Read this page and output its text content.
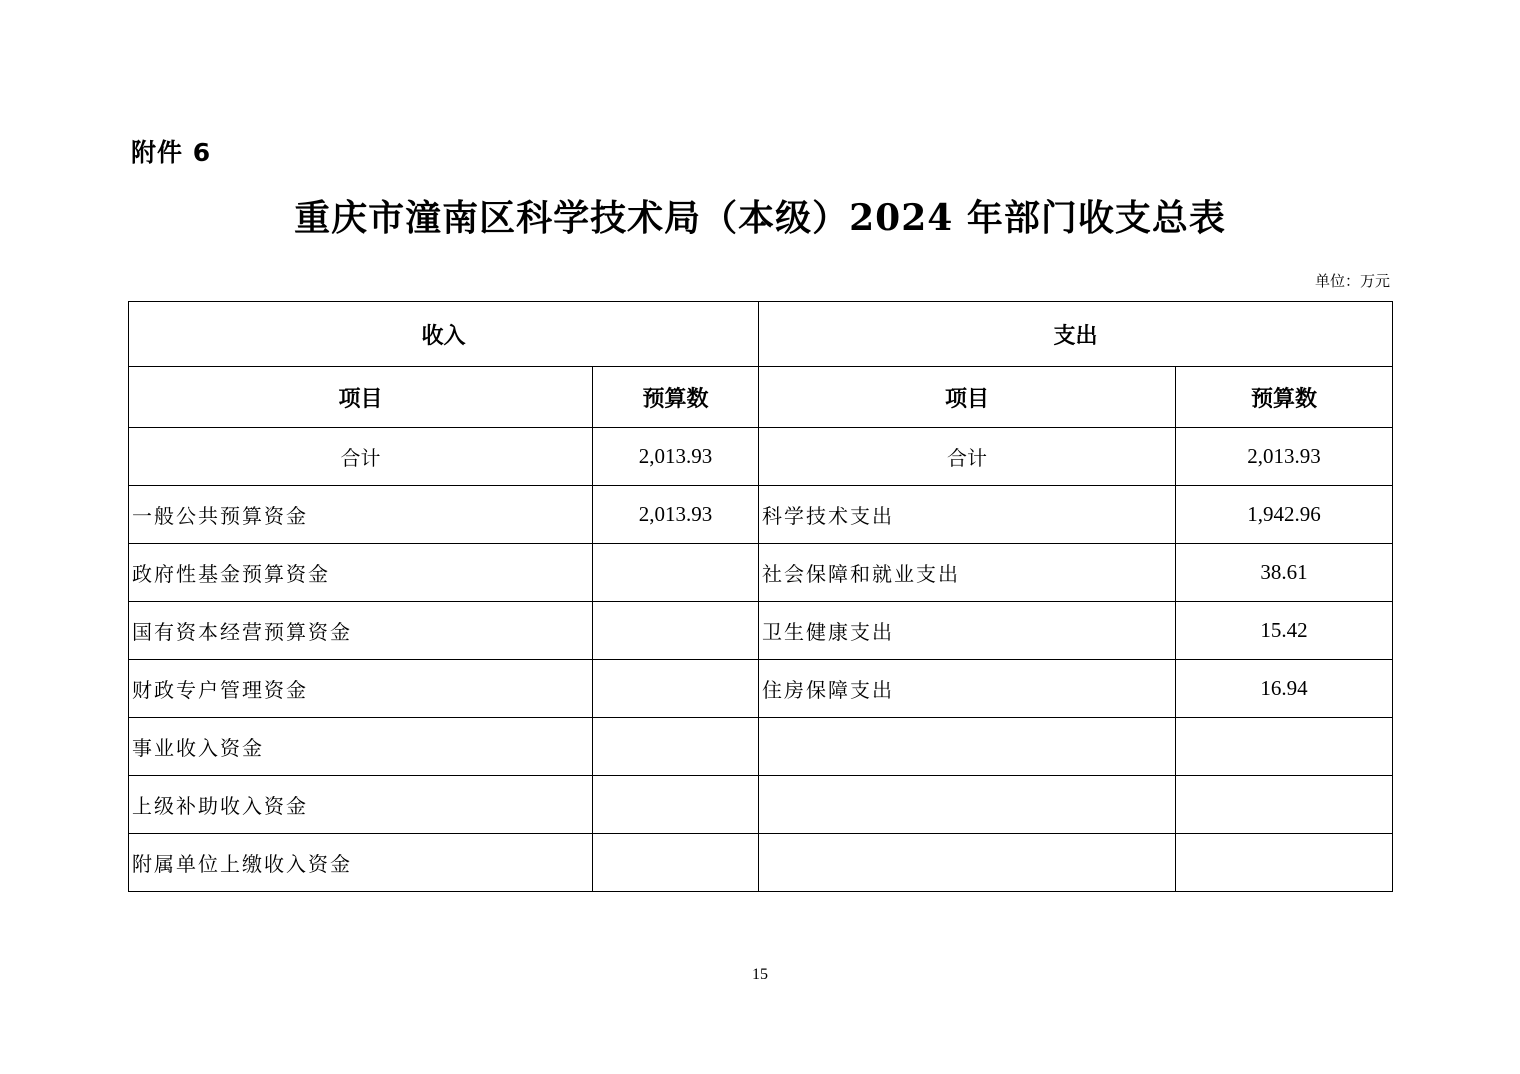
附件 6
重庆市潼南区科学技术局（本级）2024 年部门收支总表
单位：万元
收入		支出	
项目	预算数	项目	预算数
合计	2,013.93	合计	2,013.93
一般公共预算资金	2,013.93	科学技术支出	1,942.96
政府性基金预算资金		社会保障和就业支出	38.61
国有资本经营预算资金		卫生健康支出	15.42
财政专户管理资金		住房保障支出	16.94
事业收入资金			
上级补助收入资金			
附属单位上缴收入资金			
15
